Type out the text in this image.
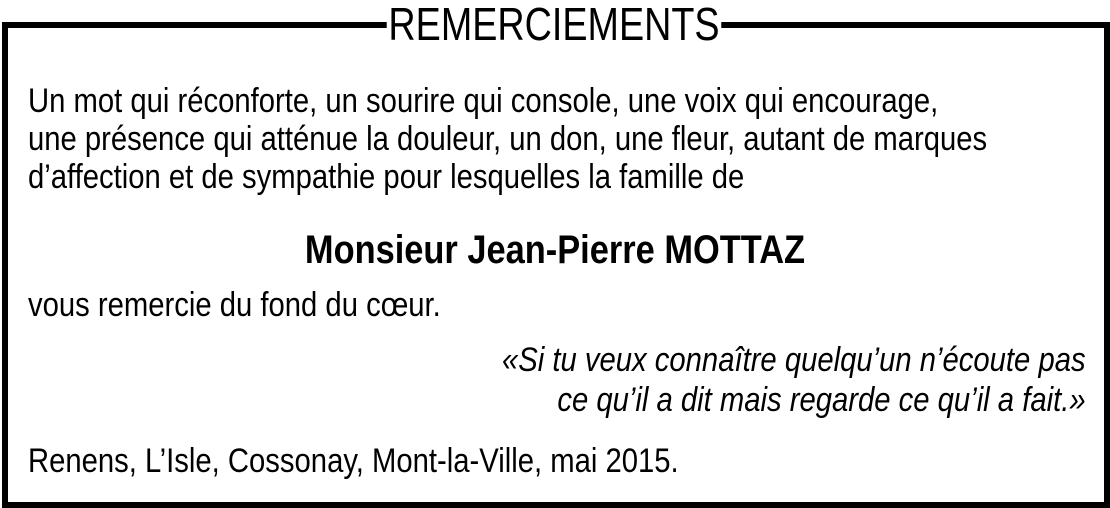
REMERCIEMENTS
Un mot qui réconforte, un sourire qui console, une voix qui encourage,
une présence qui atténue la douleur, un don, une fleur, autant de marques
d’affection et de sympathie pour lesquelles la famille de
Monsieur Jean-Pierre MOTTAZ
vous remercie du fond du cœur.
«Si tu veux connaître quelqu’un n’écoute pas
ce qu’il a dit mais regarde ce qu’il a fait.»
Renens, L’Isle, Cossonay, Mont-la-Ville, mai 2015.
